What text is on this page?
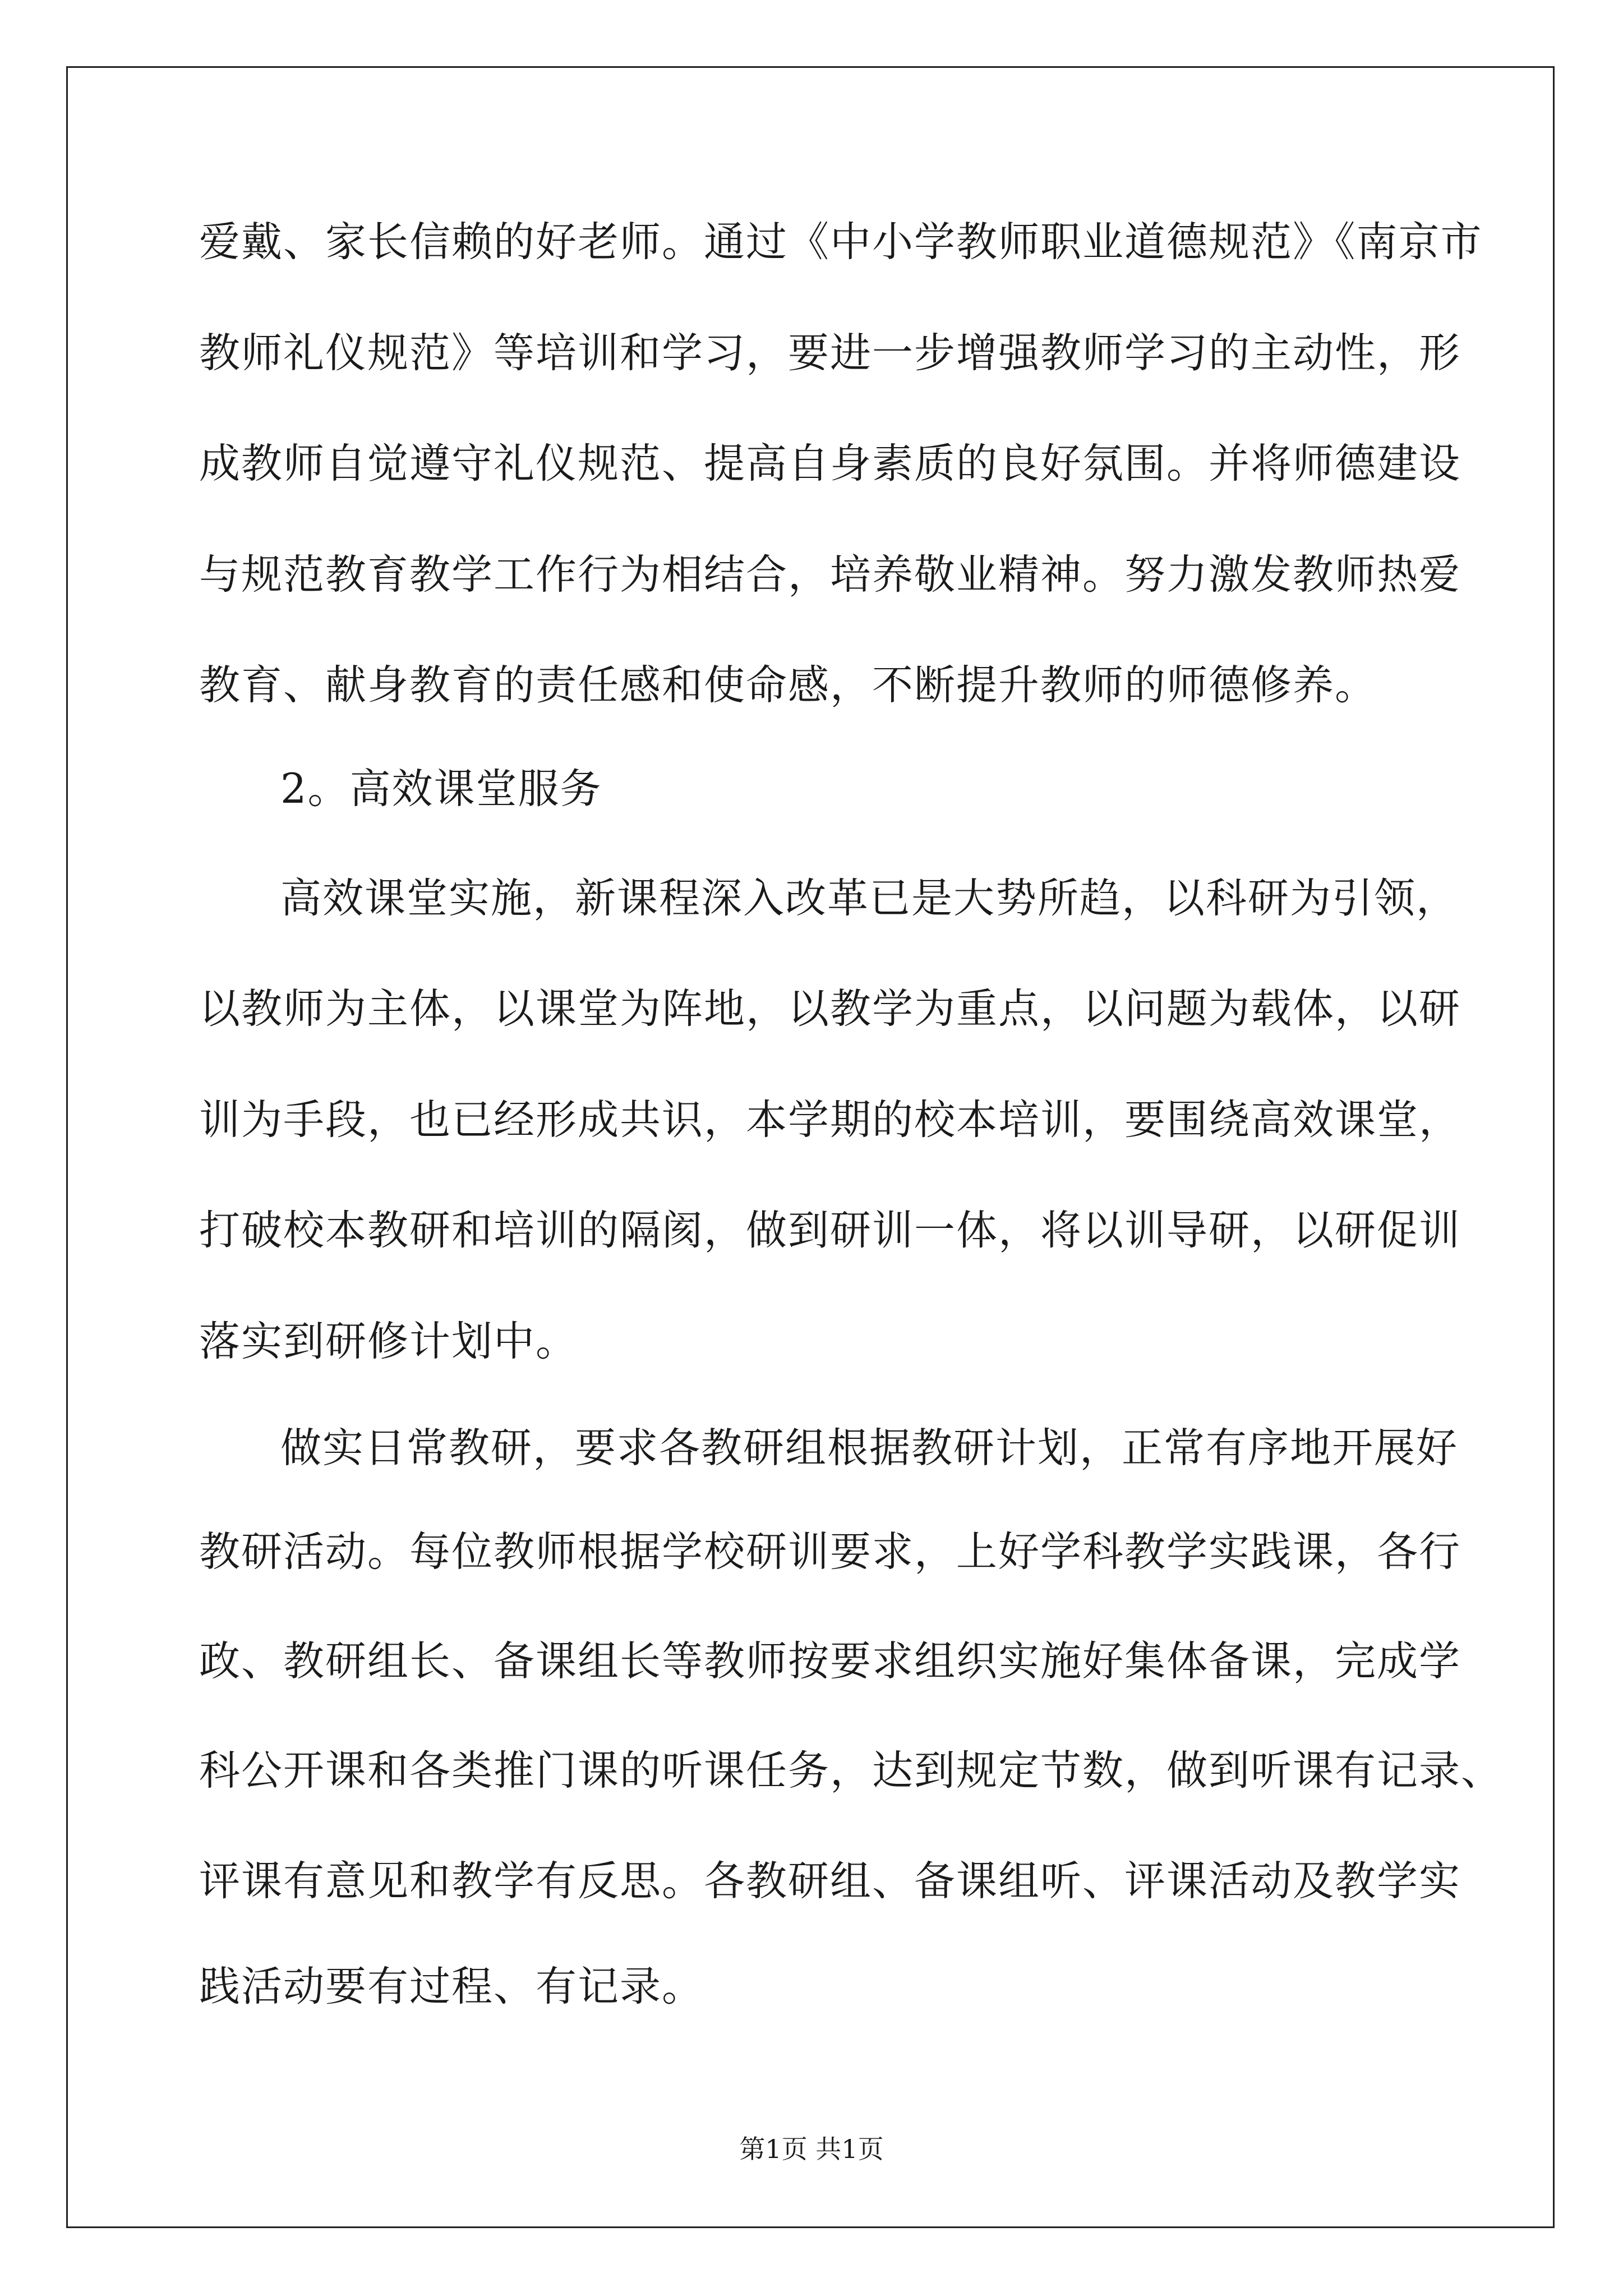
爱戴、家长信赖的好老师。通过《中小学教师职业道德规范》《南京市
教师礼仪规范》等培训和学习，要进一步增强教师学习的主动性，形
成教师自觉遵守礼仪规范、提高自身素质的良好氛围。并将师德建设
与规范教育教学工作行为相结合，培养敬业精神。努力激发教师热爱
教育、献身教育的责任感和使命感，不断提升教师的师德修养。
2。高效课堂服务
高效课堂实施，新课程深入改革已是大势所趋，以科研为引领，
以教师为主体，以课堂为阵地，以教学为重点，以问题为载体，以研
训为手段，也已经形成共识，本学期的校本培训，要围绕高效课堂，
打破校本教研和培训的隔阂，做到研训一体，将以训导研，以研促训
落实到研修计划中。
做实日常教研，要求各教研组根据教研计划，正常有序地开展好
教研活动。每位教师根据学校研训要求，上好学科教学实践课，各行
政、教研组长、备课组长等教师按要求组织实施好集体备课，完成学
科公开课和各类推门课的听课任务，达到规定节数，做到听课有记录、
评课有意见和教学有反思。各教研组、备课组听、评课活动及教学实
践活动要有过程、有记录。
第1页 共1页
